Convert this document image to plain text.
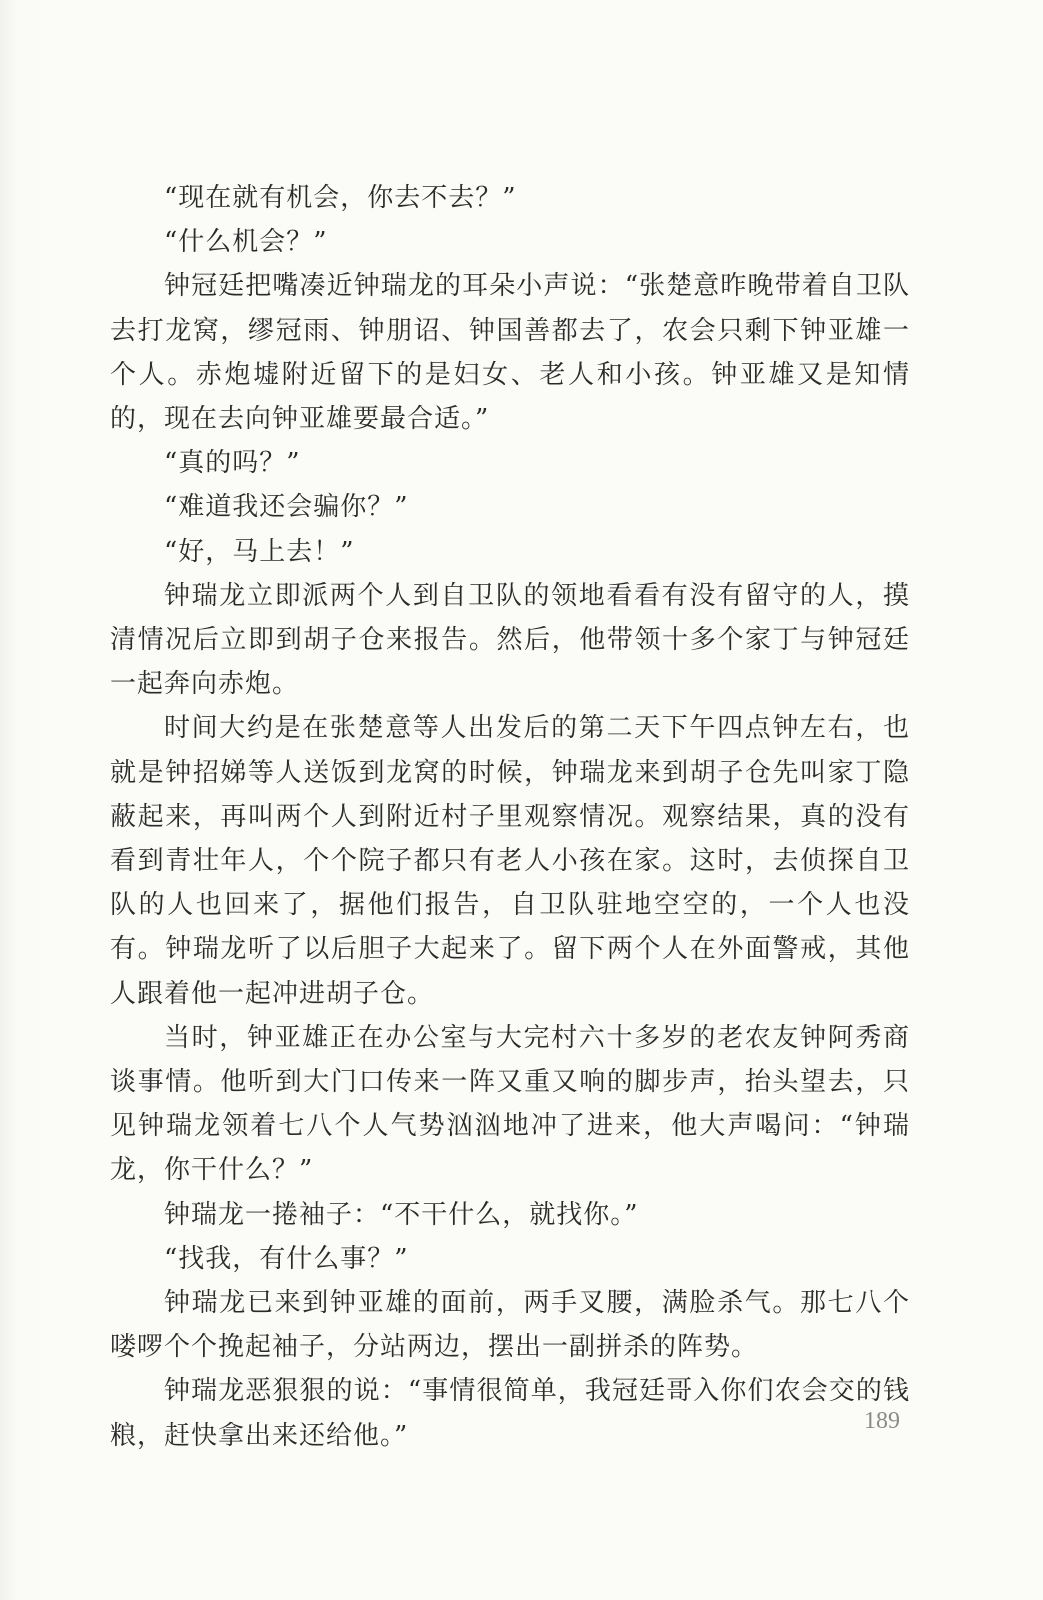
“现在就有机会，你去不去？”

“什么机会？”

钟冠廷把嘴凑近钟瑞龙的耳朵小声说：“张楚意昨晚带着自卫队去打龙窝，缪冠雨、钟朋诏、钟国善都去了，农会只剩下钟亚雄一个人。赤炮墟附近留下的是妇女、老人和小孩。钟亚雄又是知情的，现在去向钟亚雄要最合适。”

“真的吗？”

“难道我还会骗你？”

“好，马上去！”

钟瑞龙立即派两个人到自卫队的领地看看有没有留守的人，摸清情况后立即到胡子仓来报告。然后，他带领十多个家丁与钟冠廷一起奔向赤炮。

时间大约是在张楚意等人出发后的第二天下午四点钟左右，也就是钟招娣等人送饭到龙窝的时候，钟瑞龙来到胡子仓先叫家丁隐蔽起来，再叫两个人到附近村子里观察情况。观察结果，真的没有看到青壮年人，个个院子都只有老人小孩在家。这时，去侦探自卫队的人也回来了，据他们报告，自卫队驻地空空的，一个人也没有。钟瑞龙听了以后胆子大起来了。留下两个人在外面警戒，其他人跟着他一起冲进胡子仓。

当时，钟亚雄正在办公室与大完村六十多岁的老农友钟阿秀商谈事情。他听到大门口传来一阵又重又响的脚步声，抬头望去，只见钟瑞龙领着七八个人气势汹汹地冲了进来，他大声喝问：“钟瑞龙，你干什么？”

钟瑞龙一捲袖子：“不干什么，就找你。”

“找我，有什么事？”

钟瑞龙已来到钟亚雄的面前，两手叉腰，满脸杀气。那七八个喽啰个个挽起袖子，分站两边，摆出一副拼杀的阵势。

钟瑞龙恶狠狠的说：“事情很简单，我冠廷哥入你们农会交的钱粮，赶快拿出来还给他。”	189
